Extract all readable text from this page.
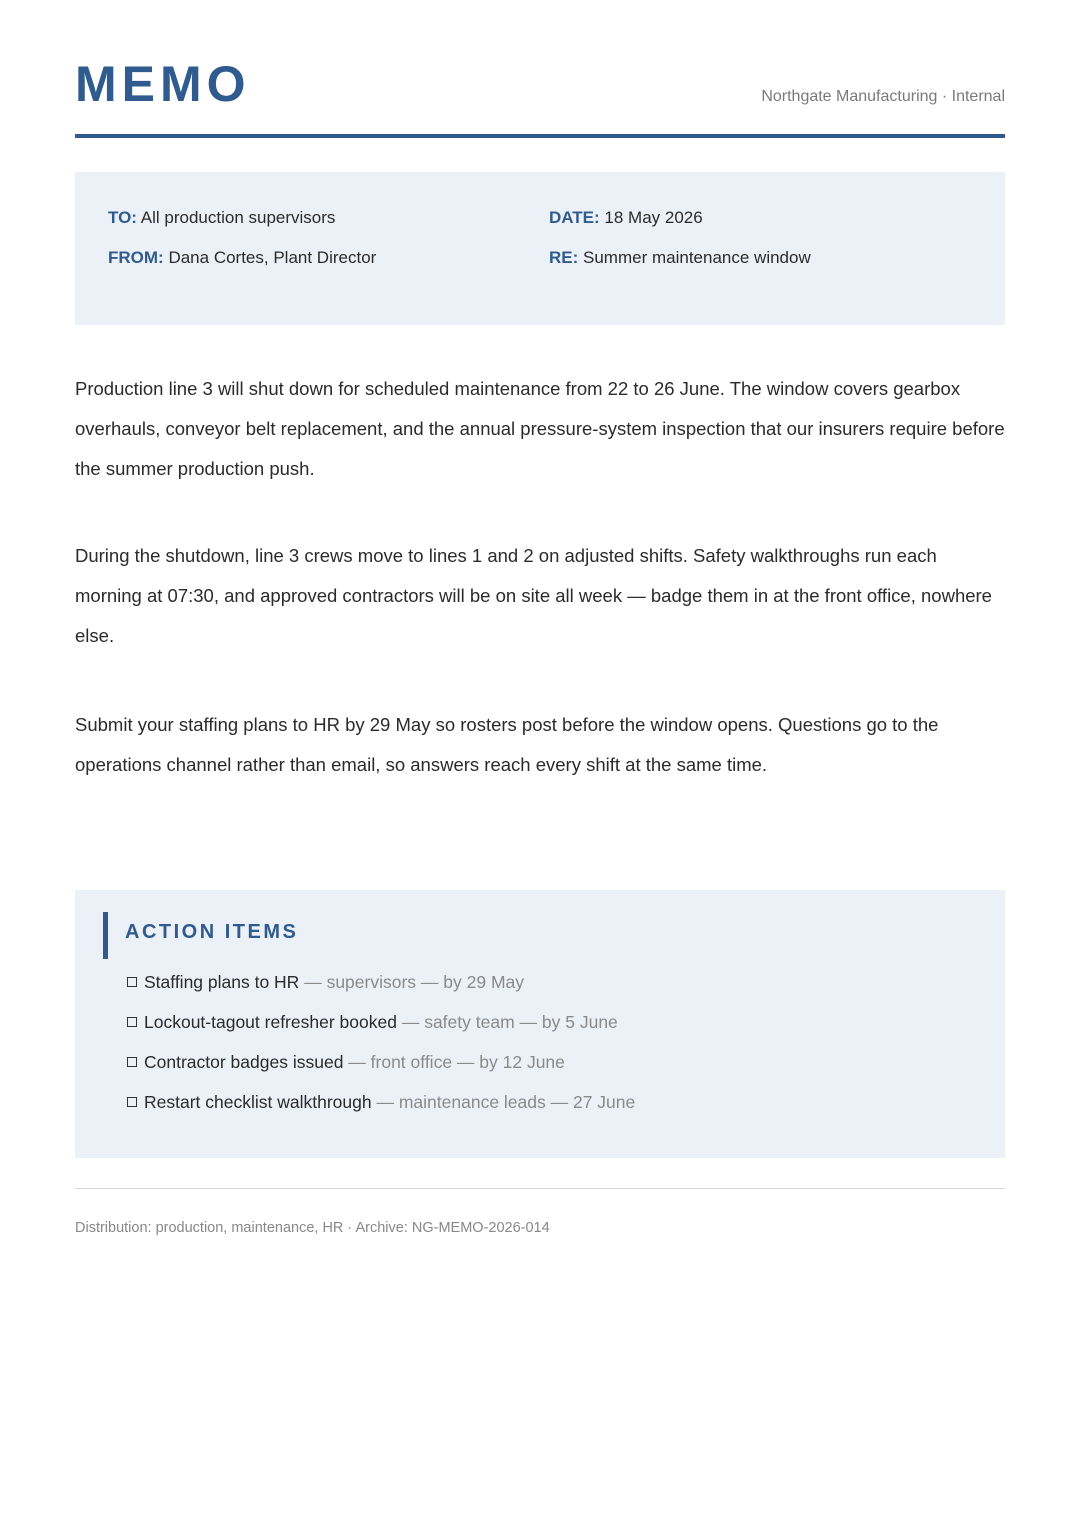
MEMO	Northgate Manufacturing · Internal
TO: All production supervisors
FROM: Dana Cortes, Plant Director
DATE: 18 May 2026
RE: Summer maintenance window

Production line 3 will shut down for scheduled maintenance from 22 to 26 June. The window covers gearbox overhauls, conveyor belt replacement, and the annual pressure-system inspection that our insurers require before the summer production push.

During the shutdown, line 3 crews move to lines 1 and 2 on adjusted shifts. Safety walkthroughs run each morning at 07:30, and approved contractors will be on site all week — badge them in at the front office, nowhere else.

Submit your staffing plans to HR by 29 May so rosters post before the window opens. Questions go to the operations channel rather than email, so answers reach every shift at the same time.

ACTION ITEMS
Staffing plans to HR — supervisors — by 29 May
Lockout-tagout refresher booked — safety team — by 5 June
Contractor badges issued — front office — by 12 June
Restart checklist walkthrough — maintenance leads — 27 June
Distribution: production, maintenance, HR · Archive: NG-MEMO-2026-014
